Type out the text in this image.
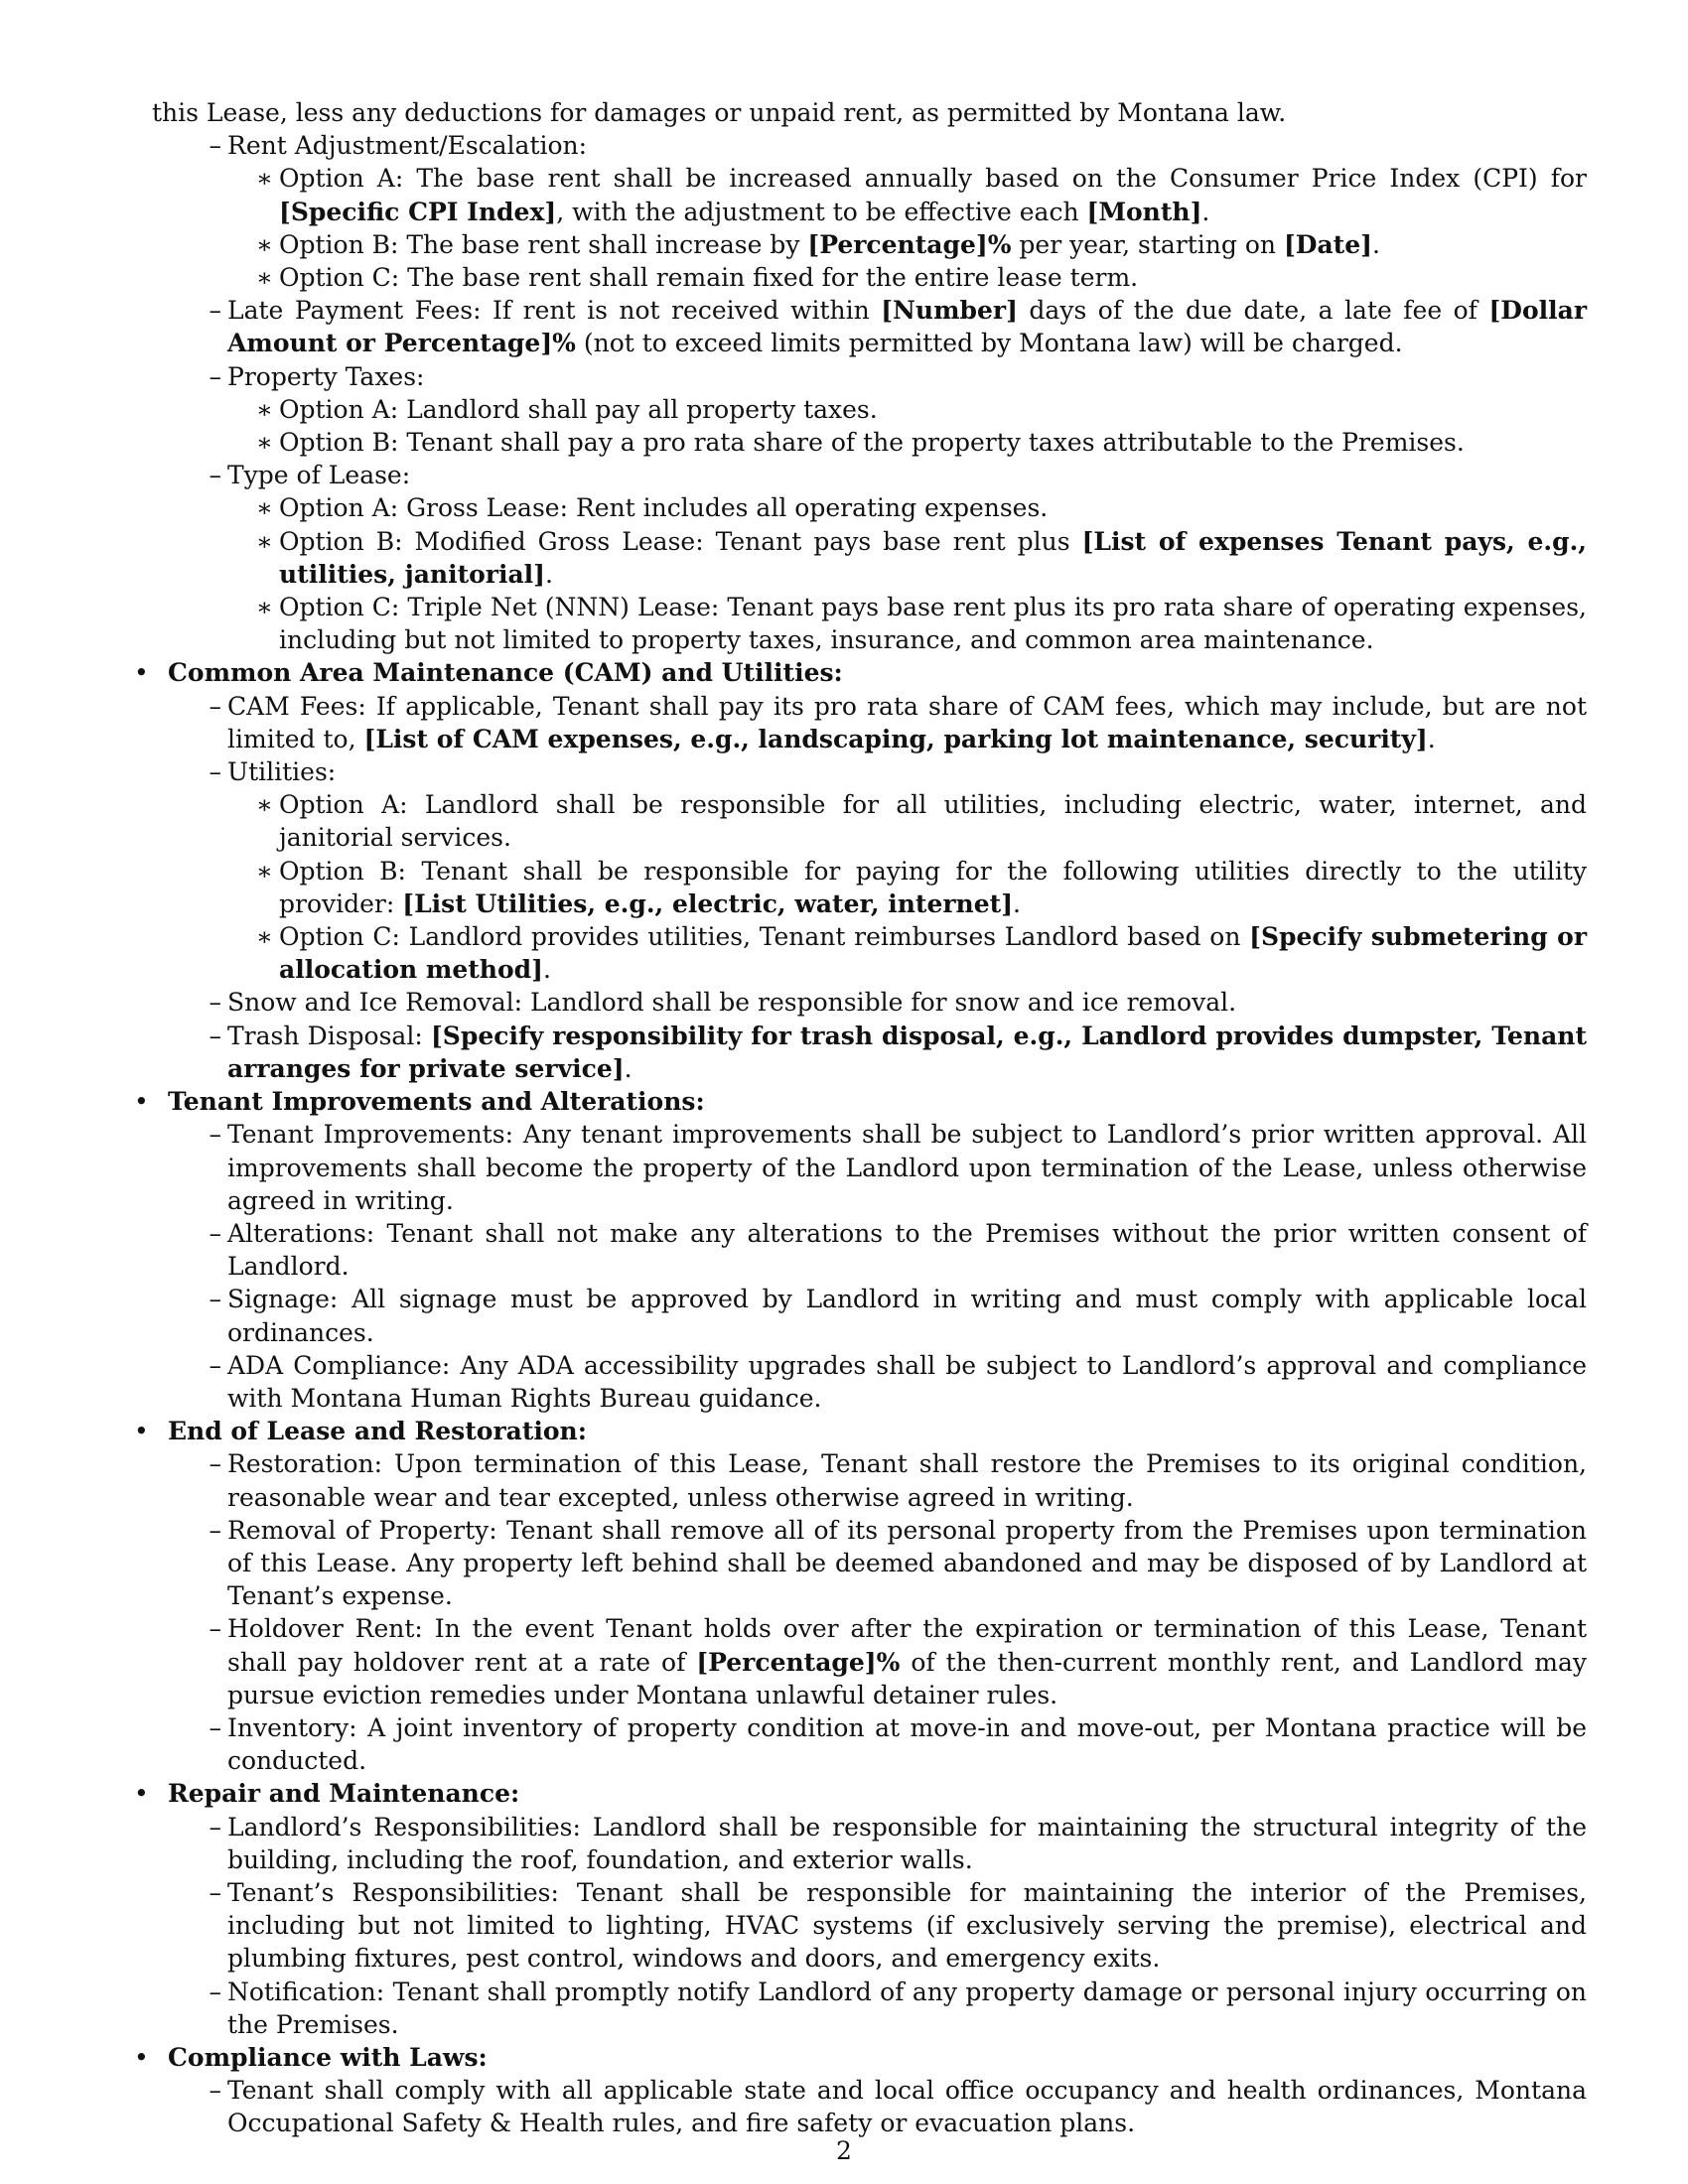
this Lease, less any deductions for damages or unpaid rent, as permitted by Montana law.
– Rent Adjustment/Escalation:
∗ Option A: The base rent shall be increased annually based on the Consumer Price Index (CPI) for [Specific CPI Index], with the adjustment to be effective each [Month].
∗ Option B: The base rent shall increase by [Percentage]% per year, starting on [Date].
∗ Option C: The base rent shall remain fixed for the entire lease term.
– Late Payment Fees: If rent is not received within [Number] days of the due date, a late fee of [Dollar Amount or Percentage]% (not to exceed limits permitted by Montana law) will be charged.
– Property Taxes:
∗ Option A: Landlord shall pay all property taxes.
∗ Option B: Tenant shall pay a pro rata share of the property taxes attributable to the Premises.
– Type of Lease:
∗ Option A: Gross Lease: Rent includes all operating expenses.
∗ Option B: Modified Gross Lease: Tenant pays base rent plus [List of expenses Tenant pays, e.g., utilities, janitorial].
∗ Option C: Triple Net (NNN) Lease: Tenant pays base rent plus its pro rata share of operating expenses, including but not limited to property taxes, insurance, and common area maintenance.
• Common Area Maintenance (CAM) and Utilities:
– CAM Fees: If applicable, Tenant shall pay its pro rata share of CAM fees, which may include, but are not limited to, [List of CAM expenses, e.g., landscaping, parking lot maintenance, security].
– Utilities:
∗ Option A: Landlord shall be responsible for all utilities, including electric, water, internet, and janitorial services.
∗ Option B: Tenant shall be responsible for paying for the following utilities directly to the utility provider: [List Utilities, e.g., electric, water, internet].
∗ Option C: Landlord provides utilities, Tenant reimburses Landlord based on [Specify submetering or allocation method].
– Snow and Ice Removal: Landlord shall be responsible for snow and ice removal.
– Trash Disposal: [Specify responsibility for trash disposal, e.g., Landlord provides dumpster, Tenant arranges for private service].
• Tenant Improvements and Alterations:
– Tenant Improvements: Any tenant improvements shall be subject to Landlord’s prior written approval. All improvements shall become the property of the Landlord upon termination of the Lease, unless otherwise agreed in writing.
– Alterations: Tenant shall not make any alterations to the Premises without the prior written consent of Landlord.
– Signage: All signage must be approved by Landlord in writing and must comply with applicable local ordinances.
– ADA Compliance: Any ADA accessibility upgrades shall be subject to Landlord’s approval and compliance with Montana Human Rights Bureau guidance.
• End of Lease and Restoration:
– Restoration: Upon termination of this Lease, Tenant shall restore the Premises to its original condition, reasonable wear and tear excepted, unless otherwise agreed in writing.
– Removal of Property: Tenant shall remove all of its personal property from the Premises upon termination of this Lease. Any property left behind shall be deemed abandoned and may be disposed of by Landlord at Tenant’s expense.
– Holdover Rent: In the event Tenant holds over after the expiration or termination of this Lease, Tenant shall pay holdover rent at a rate of [Percentage]% of the then-current monthly rent, and Landlord may pursue eviction remedies under Montana unlawful detainer rules.
– Inventory: A joint inventory of property condition at move-in and move-out, per Montana practice will be conducted.
• Repair and Maintenance:
– Landlord’s Responsibilities: Landlord shall be responsible for maintaining the structural integrity of the building, including the roof, foundation, and exterior walls.
– Tenant’s Responsibilities: Tenant shall be responsible for maintaining the interior of the Premises, including but not limited to lighting, HVAC systems (if exclusively serving the premise), electrical and plumbing fixtures, pest control, windows and doors, and emergency exits.
– Notification: Tenant shall promptly notify Landlord of any property damage or personal injury occurring on the Premises.
• Compliance with Laws:
– Tenant shall comply with all applicable state and local office occupancy and health ordinances, Montana Occupational Safety & Health rules, and fire safety or evacuation plans.
2
